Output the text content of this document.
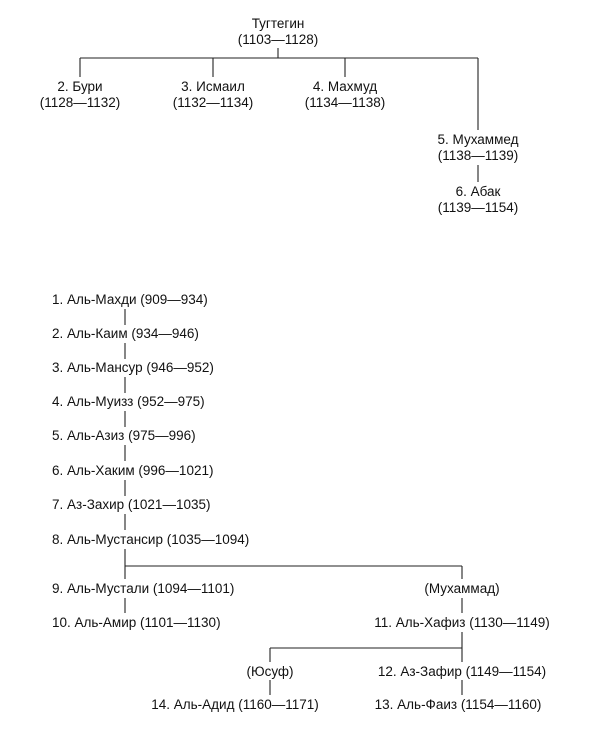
Тугтегин
(1103—1128)
2. Бури
(1128—1132)
3. Исмаил
(1132—1134)
4. Махмуд
(1134—1138)
5. Мухаммед
(1138—1139)
6. Абак
(1139—1154)
1. Аль-Махди (909—934)
2. Аль-Каим (934—946)
3. Аль-Мансур (946—952)
4. Аль-Муизз (952—975)
5. Аль-Азиз (975—996)
6. Аль-Хаким (996—1021)
7. Аз-Захир (1021—1035)
8. Аль-Мустансир (1035—1094)
9. Аль-Мустали (1094—1101)
10. Аль-Амир (1101—1130)
(Мухаммад)
11. Аль-Хафиз (1130—1149)
(Юсуф)
14. Аль-Адид (1160—1171)
12. Аз-Зафир (1149—1154)
13. Аль-Фаиз (1154—1160)
